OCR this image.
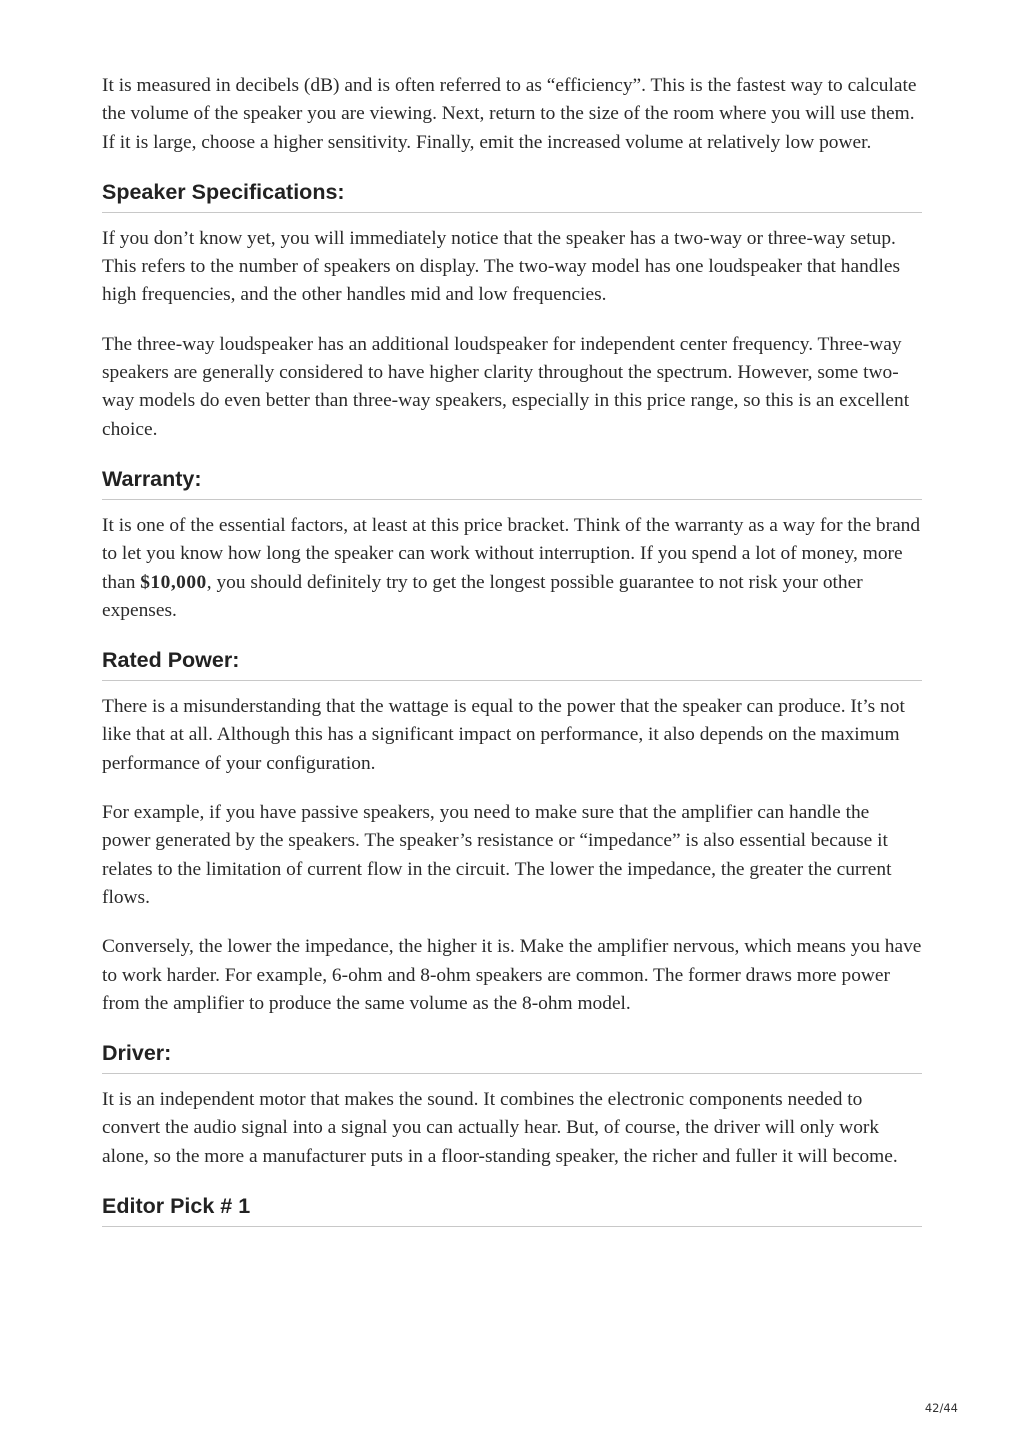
It is measured in decibels (dB) and is often referred to as “efficiency”. This is the fastest way to calculate the volume of the speaker you are viewing. Next, return to the size of the room where you will use them. If it is large, choose a higher sensitivity. Finally, emit the increased volume at relatively low power.

Speaker Specifications:

If you don’t know yet, you will immediately notice that the speaker has a two-way or three-way setup. This refers to the number of speakers on display. The two-way model has one loudspeaker that handles high frequencies, and the other handles mid and low frequencies.

The three-way loudspeaker has an additional loudspeaker for independent center frequency. Three-way speakers are generally considered to have higher clarity throughout the spectrum. However, some two-way models do even better than three-way speakers, especially in this price range, so this is an excellent choice.

Warranty:

It is one of the essential factors, at least at this price bracket. Think of the warranty as a way for the brand to let you know how long the speaker can work without interruption. If you spend a lot of money, more than $10,000, you should definitely try to get the longest possible guarantee to not risk your other expenses.

Rated Power:

There is a misunderstanding that the wattage is equal to the power that the speaker can produce. It’s not like that at all. Although this has a significant impact on performance, it also depends on the maximum performance of your configuration.

For example, if you have passive speakers, you need to make sure that the amplifier can handle the power generated by the speakers. The speaker’s resistance or “impedance” is also essential because it relates to the limitation of current flow in the circuit. The lower the impedance, the greater the current flows.

Conversely, the lower the impedance, the higher it is. Make the amplifier nervous, which means you have to work harder. For example, 6-ohm and 8-ohm speakers are common. The former draws more power from the amplifier to produce the same volume as the 8-ohm model.

Driver:

It is an independent motor that makes the sound. It combines the electronic components needed to convert the audio signal into a signal you can actually hear. But, of course, the driver will only work alone, so the more a manufacturer puts in a floor-standing speaker, the richer and fuller it will become.

Editor Pick # 1
42/44
